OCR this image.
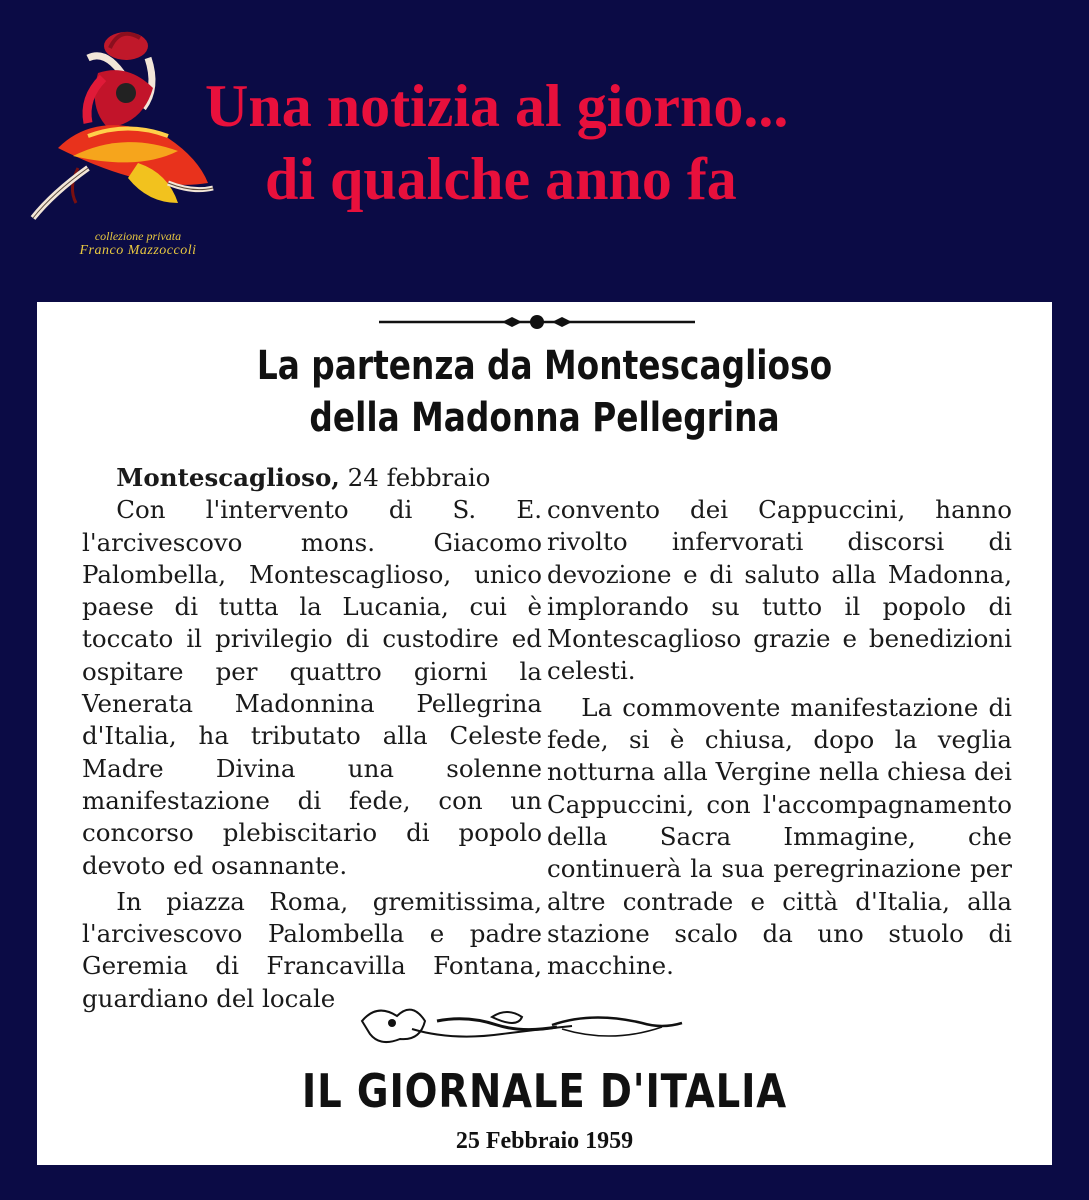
collezione privata
Franco Mazzoccoli
Una notizia al giorno...
di qualche anno fa
La partenza da Montescaglioso
della Madonna Pellegrina
Montescaglioso, 24 febbraio

Con l'intervento di S. E. l'arcivescovo mons. Giacomo Palombella, Montescaglioso, unico paese di tutta la Lucania, cui è toccato il privilegio di custodire ed ospitare per quattro giorni la Venerata Madonnina Pellegrina d'Italia, ha tributato alla Celeste Madre Divina una solenne manifestazione di fede, con un concorso plebiscitario di popolo devoto ed osannante.

In piazza Roma, gremitissima, l'arcivescovo Palombella e padre Geremia di Francavilla Fontana, guardiano del locale

convento dei Cappuccini, hanno rivolto infervorati discorsi di devozione e di saluto alla Madonna, implorando su tutto il popolo di Montescaglioso grazie e benedizioni celesti.

La commovente manifestazione di fede, si è chiusa, dopo la veglia notturna alla Vergine nella chiesa dei Cappuccini, con l'accompagnamento della Sacra Immagine, che continuerà la sua peregrinazione per altre contrade e città d'Italia, alla stazione scalo da uno stuolo di macchine.

IL GIORNALE D'ITALIA
25 Febbraio 1959
